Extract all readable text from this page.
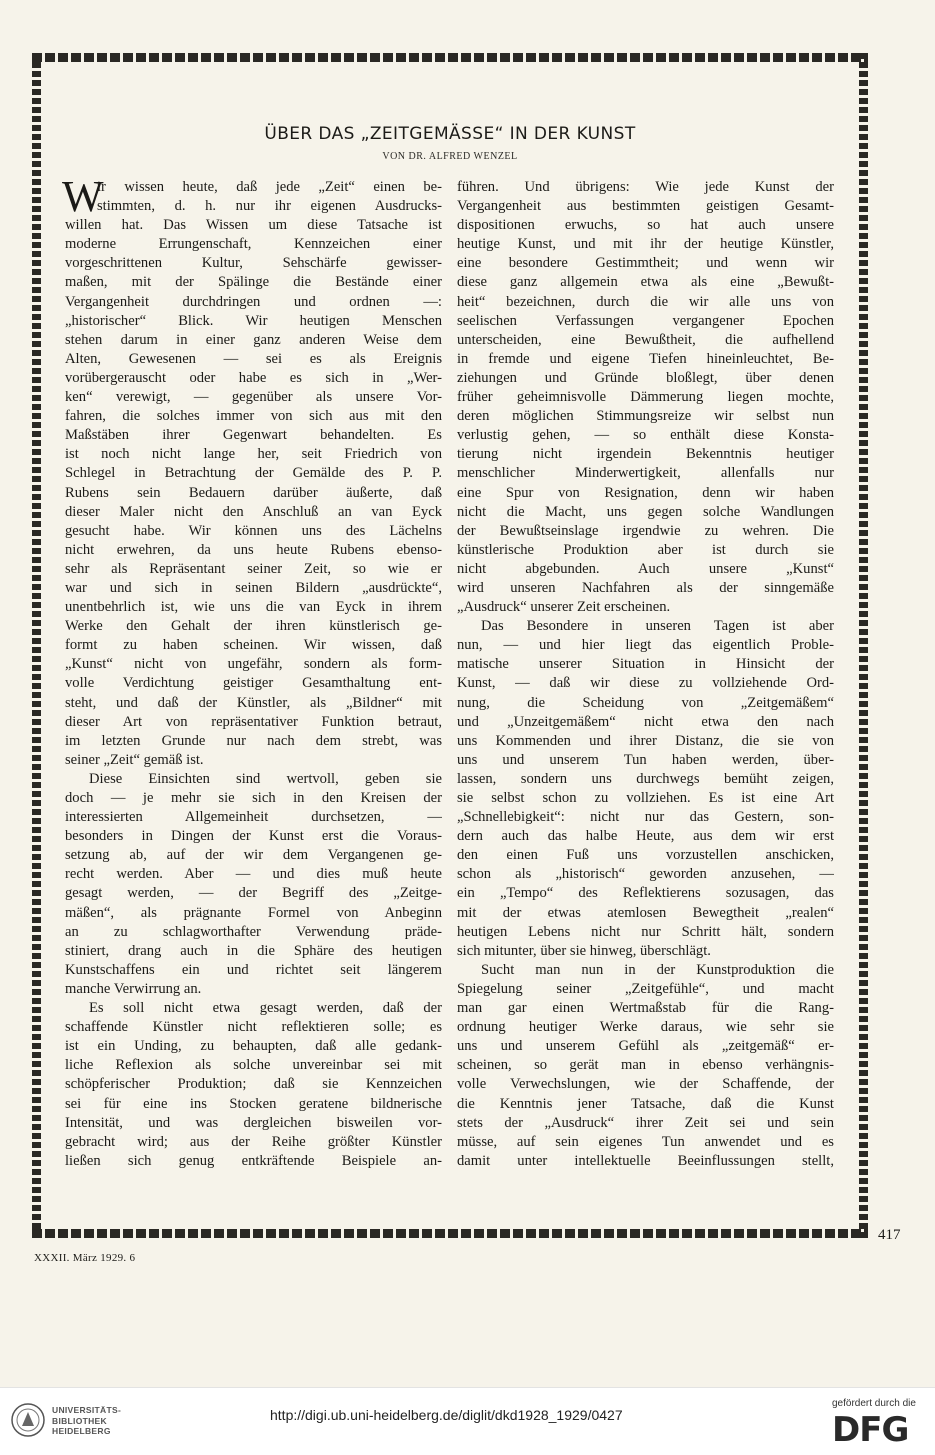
ÜBER DAS „ZEITGEMÄSSE“ IN DER KUNST
VON DR. ALFRED WENZEL
ir wissen heute, daß jede „Zeit“ einen be-
stimmten, d. h. nur ihr eigenen Ausdrucks-
willen hat. Das Wissen um diese Tatsache ist
moderne Errungenschaft, Kennzeichen einer
vorgeschrittenen Kultur, Sehschärfe gewisser-
maßen, mit der Spälinge die Bestände einer
Vergangenheit durchdringen und ordnen —:
„historischer“ Blick. Wir heutigen Menschen
stehen darum in einer ganz anderen Weise dem
Alten, Gewesenen — sei es als Ereignis
vorübergerauscht oder habe es sich in „Wer-
ken“ verewigt, — gegenüber als unsere Vor-
fahren, die solches immer von sich aus mit den
Maßstäben ihrer Gegenwart behandelten. Es
ist noch nicht lange her, seit Friedrich von
Schlegel in Betrachtung der Gemälde des P. P.
Rubens sein Bedauern darüber äußerte, daß
dieser Maler nicht den Anschluß an van Eyck
gesucht habe. Wir können uns des Lächelns
nicht erwehren, da uns heute Rubens ebenso-
sehr als Repräsentant seiner Zeit, so wie er
war und sich in seinen Bildern „ausdrückte“,
unentbehrlich ist, wie uns die van Eyck in ihrem
Werke den Gehalt der ihren künstlerisch ge-
formt zu haben scheinen. Wir wissen, daß
„Kunst“ nicht von ungefähr, sondern als form-
volle Verdichtung geistiger Gesamthaltung ent-
steht, und daß der Künstler, als „Bildner“ mit
dieser Art von repräsentativer Funktion betraut,
im letzten Grunde nur nach dem strebt, was
seiner „Zeit“ gemäß ist.
Diese Einsichten sind wertvoll, geben sie
doch — je mehr sie sich in den Kreisen der
interessierten Allgemeinheit durchsetzen, —
besonders in Dingen der Kunst erst die Voraus-
setzung ab, auf der wir dem Vergangenen ge-
recht werden. Aber — und dies muß heute
gesagt werden, — der Begriff des „Zeitge-
mäßen“, als prägnante Formel von Anbeginn
an zu schlagworthafter Verwendung präde-
stiniert, drang auch in die Sphäre des heutigen
Kunstschaffens ein und richtet seit längerem
manche Verwirrung an.
Es soll nicht etwa gesagt werden, daß der
schaffende Künstler nicht reflektieren solle; es
ist ein Unding, zu behaupten, daß alle gedank-
liche Reflexion als solche unvereinbar sei mit
schöpferischer Produktion; daß sie Kennzeichen
sei für eine ins Stocken geratene bildnerische
Intensität, und was dergleichen bisweilen vor-
gebracht wird; aus der Reihe größter Künstler
ließen sich genug entkräftende Beispiele an-
W	führen. Und übrigens: Wie jede Kunst der
Vergangenheit aus bestimmten geistigen Gesamt-
dispositionen erwuchs, so hat auch unsere
heutige Kunst, und mit ihr der heutige Künstler,
eine besondere Gestimmtheit; und wenn wir
diese ganz allgemein etwa als eine „Bewußt-
heit“ bezeichnen, durch die wir alle uns von
seelischen Verfassungen vergangener Epochen
unterscheiden, eine Bewußtheit, die aufhellend
in fremde und eigene Tiefen hineinleuchtet, Be-
ziehungen und Gründe bloßlegt, über denen
früher geheimnisvolle Dämmerung liegen mochte,
deren möglichen Stimmungsreize wir selbst nun
verlustig gehen, — so enthält diese Konsta-
tierung nicht irgendein Bekenntnis heutiger
menschlicher Minderwertigkeit, allenfalls nur
eine Spur von Resignation, denn wir haben
nicht die Macht, uns gegen solche Wandlungen
der Bewußtseinslage irgendwie zu wehren. Die
künstlerische Produktion aber ist durch sie
nicht abgebunden. Auch unsere „Kunst“
wird unseren Nachfahren als der sinngemäße
„Ausdruck“ unserer Zeit erscheinen.
Das Besondere in unseren Tagen ist aber
nun, — und hier liegt das eigentlich Proble-
matische unserer Situation in Hinsicht der
Kunst, — daß wir diese zu vollziehende Ord-
nung, die Scheidung von „Zeitgemäßem“
und „Unzeitgemäßem“ nicht etwa den nach
uns Kommenden und ihrer Distanz, die sie von
uns und unserem Tun haben werden, über-
lassen, sondern uns durchwegs bemüht zeigen,
sie selbst schon zu vollziehen. Es ist eine Art
„Schnellebigkeit“: nicht nur das Gestern, son-
dern auch das halbe Heute, aus dem wir erst
den einen Fuß uns vorzustellen anschicken,
schon als „historisch“ geworden anzusehen, —
ein „Tempo“ des Reflektierens sozusagen, das
mit der etwas atemlosen Bewegtheit „realen“
heutigen Lebens nicht nur Schritt hält, sondern
sich mitunter, über sie hinweg, überschlägt.
Sucht man nun in der Kunstproduktion die
Spiegelung seiner „Zeitgefühle“, und macht
man gar einen Wertmaßstab für die Rang-
ordnung heutiger Werke daraus, wie sehr sie
uns und unserem Gefühl als „zeitgemäß“ er-
scheinen, so gerät man in ebenso verhängnis-
volle Verwechslungen, wie der Schaffende, der
die Kenntnis jener Tatsache, daß die Kunst
stets der „Ausdruck“ ihrer Zeit sei und sein
müsse, auf sein eigenes Tun anwendet und es
damit unter intellektuelle Beeinflussungen stellt,
417
XXXII. März 1929. 6
UNIVERSITÄTS-
BIBLIOTHEK
HEIDELBERG
http://digi.ub.uni-heidelberg.de/diglit/dkd1928_1929/0427
gefördert durch die
DFG
